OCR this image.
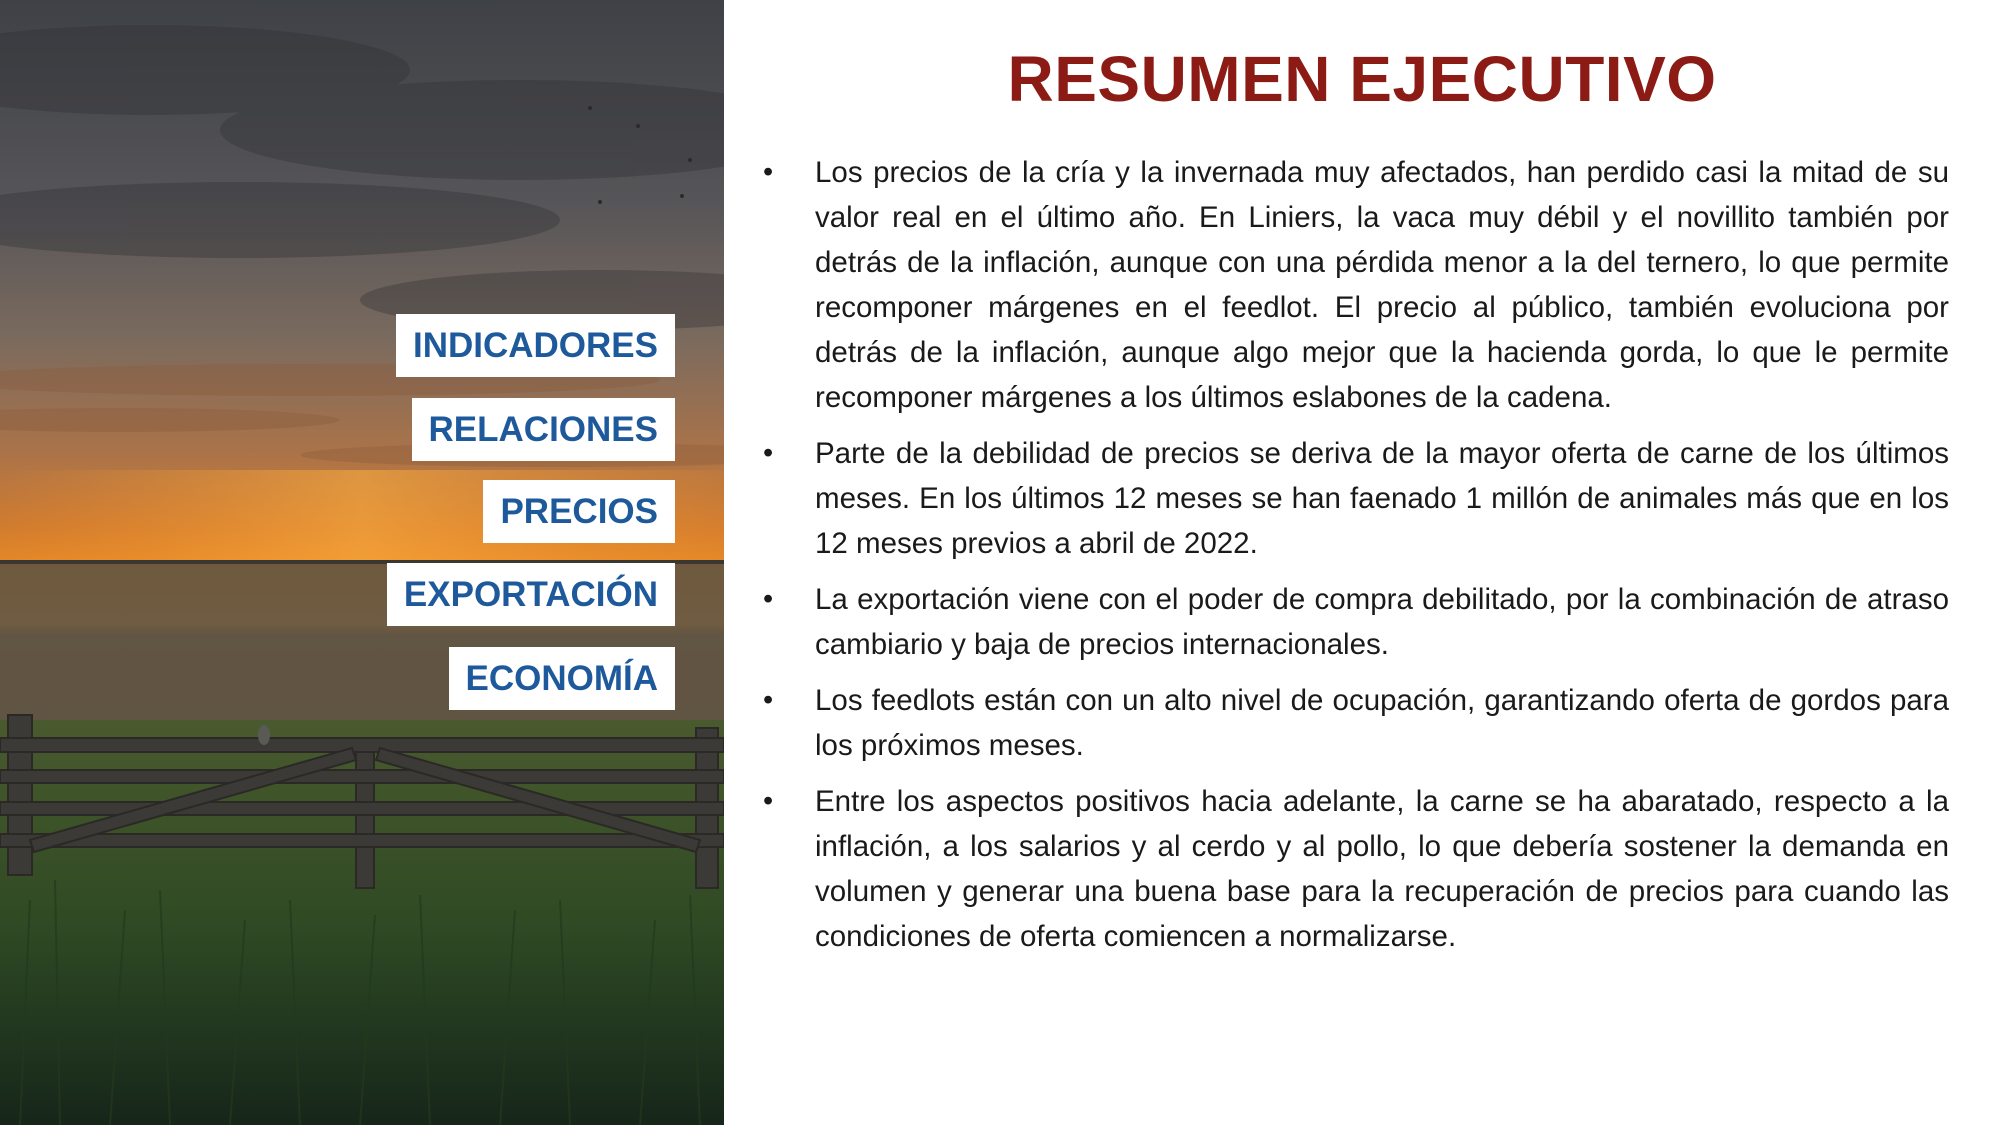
INDICADORES
RELACIONES
PRECIOS
EXPORTACIÓN
ECONOMÍA
RESUMEN EJECUTIVO
• Los precios de la cría y la invernada muy afectados, han perdido casi la mitad de su valor real en el último año. En Liniers, la vaca muy débil y el novillito también por detrás de la inflación, aunque con una pérdida menor a la del ternero, lo que permite recomponer márgenes en el feedlot. El precio al público, también evoluciona por detrás de la inflación, aunque algo mejor que la hacienda gorda, lo que le permite recomponer márgenes a los últimos eslabones de la cadena.
• Parte de la debilidad de precios se deriva de la mayor oferta de carne de los últimos meses. En los últimos 12 meses se han faenado 1 millón de animales más que en los 12 meses previos a abril de 2022.
• La exportación viene con el poder de compra debilitado, por la combinación de atraso cambiario y baja de precios internacionales.
• Los feedlots están con un alto nivel de ocupación, garantizando oferta de gordos para los próximos meses.
• Entre los aspectos positivos hacia adelante, la carne se ha abaratado, respecto a la inflación, a los salarios y al cerdo y al pollo, lo que debería sostener la demanda en volumen y generar una buena base para la recuperación de precios para cuando las condiciones de oferta comiencen a normalizarse.
